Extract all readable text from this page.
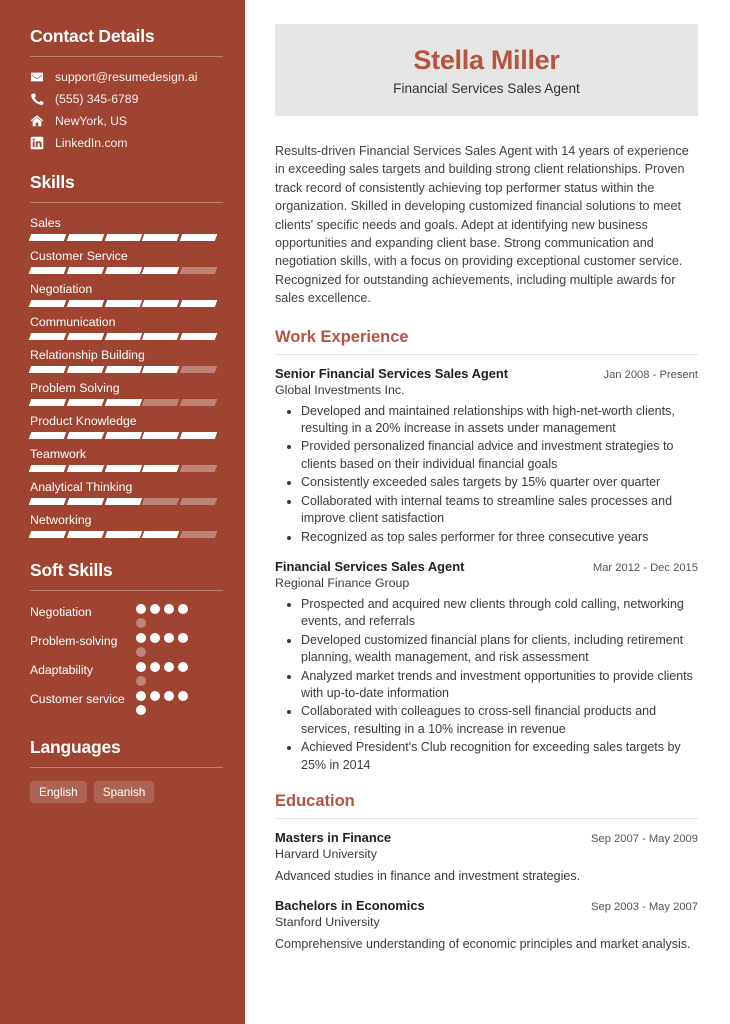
Contact Details
support@resumedesign.ai
(555) 345-6789
NewYork, US
LinkedIn.com
Skills
Sales
Customer Service
Negotiation
Communication
Relationship Building
Problem Solving
Product Knowledge
Teamwork
Analytical Thinking
Networking
Soft Skills
Negotiation
Problem-solving
Adaptability
Customer service
Languages
English	Spanish
Stella Miller
Financial Services Sales Agent

Results-driven Financial Services Sales Agent with 14 years of experience in exceeding sales targets and building strong client relationships. Proven track record of consistently achieving top performer status within the organization. Skilled in developing customized financial solutions to meet clients' specific needs and goals. Adept at identifying new business opportunities and expanding client base. Strong communication and negotiation skills, with a focus on providing exceptional customer service. Recognized for outstanding achievements, including multiple awards for sales excellence.

Work Experience
Senior Financial Services Sales Agent	Jan 2008 - Present
Global Investments Inc.
• Developed and maintained relationships with high-net-worth clients, resulting in a 20% increase in assets under management
• Provided personalized financial advice and investment strategies to clients based on their individual financial goals
• Consistently exceeded sales targets by 15% quarter over quarter
• Collaborated with internal teams to streamline sales processes and improve client satisfaction
• Recognized as top sales performer for three consecutive years
Financial Services Sales Agent	Mar 2012 - Dec 2015
Regional Finance Group
• Prospected and acquired new clients through cold calling, networking events, and referrals
• Developed customized financial plans for clients, including retirement planning, wealth management, and risk assessment
• Analyzed market trends and investment opportunities to provide clients with up-to-date information
• Collaborated with colleagues to cross-sell financial products and services, resulting in a 10% increase in revenue
• Achieved President's Club recognition for exceeding sales targets by 25% in 2014
Education
Masters in Finance	Sep 2007 - May 2009
Harvard University
Advanced studies in finance and investment strategies.
Bachelors in Economics	Sep 2003 - May 2007
Stanford University
Comprehensive understanding of economic principles and market analysis.
